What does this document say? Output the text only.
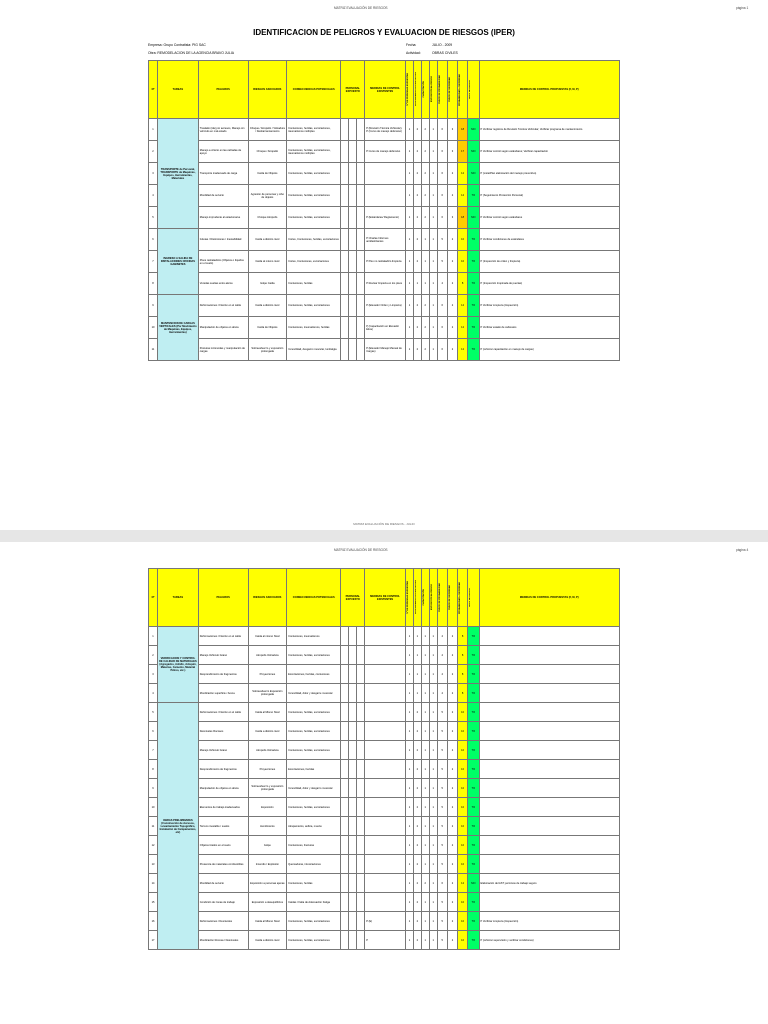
MATRIZ EVALUACIÓN DE RIESGOS	página 1
IDENTIFICACION DE PELIGROS Y EVALUACION DE RIESGOS (IPER)
Empresa: Grupo Contratista: PIG SAC	Fecha:	JULIO - 2009
Obra: REMODELACION DE LA AGENCIA BRAVO JULIA	Actividad:	OBRAS CIVILES
Nº	TAREAS	PELIGROS	RIESGOS ASOCIADOS	CONSECUENCIAS POTENCIALES	PERSONAL EXPUESTO			MEDIDAS DE CONTROL EXISTENTES	Nº DE PERSONAS EXPUESTAS	PROCEDIMIENTOS EXISTENTES	CAPACITACIÓN	EXPOSICIÓN AL RIESGO	ÍNDICE DE PROBABILIDAD	ÍNDICE DE SEVERIDAD	PROBABILIDAD x SEVERIDAD	NIVEL DE RIESGO	MEDIDAS DE CONTROL PROPUESTAS (F, M, P)
1	TRANSPORTE de Personal, TRANSPORTE de Maquinas, Equipos, Herramientas, Materiales	Traslado (ida) por accesos, Manejo sin vehículo en mal estado	Choque / Atropello / Volcadura / Desbarrancamiento	Contusiones, heridas, excoriaciones, traumatismos múltiples				P (Revisión Técnica Vehicular), P (Curso de manejo defensivo)	1	2	2	1	6	3	18	MO	P Verificar registros de Revisión Técnica Vehicular; Verificar programa de mantenimiento
2		Manejo a criterio en las calzadas de apoyo	Choque / Atropello	Contusiones, heridas, excoriaciones, traumatismos múltiples				P Curso de manejo defensivo	1	2	2	1	6	3	17	MO	P Verificar control según estándares; Verificar capacitación
3		Transporte inadecuado de carga	Caída de Objetos	Contusiones, heridas, excoriaciones					1	2	2	1	6	2	12	MO	P (Lista/Plan elaboración del manejo preventivo)
4		Movilidad de servicio	Agresión de personas y robo de objetos	Contusiones, heridas, excoriaciones					1	2	2	1	6	2	12	TO	P (Seguimiento Protección Personal)
5		Manejo imprudente al estacionarse	Choque Atropello	Contusiones, heridas, excoriaciones				P (Estándares/ Reglamento)	1	2	2	1	6	3	18	MO	P Verificar control según estándares
6	INGRESO A SALIDA DE INSTALACIONES OFICINAS GABINETES	Grietas / Distorsiones / Inestabilidad	Caída a distinto nivel	Cortes, Contusiones, heridas, excoriaciones				P Charlas Informes antideslizantes	1	2	1	1	5	2	10	TO	P Verificar condiciones de estándares
7		Pisos resbaladizos (Objetos o líquidos en el suelo)	Caída al mismo nivel	Cortes, Contusiones, excoriaciones				P Piso no resbaladizo limpieza	1	2	1	1	5	2	10	TO	P (Inspección de orden y limpieza)
8		Veredas sueltas entre aleros	Golpe Caída	Contusiones, heridas				P Revisar limpieza en los pisos	1	1	1	1	4	2	8	TO	P (Inspección Inopinada de puertas)
9	MANTENCION DE CARGAS VERTICALES (Por Movimiento de Maquinas, Equipos, Herramientas)	Deformaciones / Flexión en el cable	Caída a distinto nivel	Contusiones, heridas, excoriaciones				P (Elevador Orden y Limpieza)	1	2	2	1	6	2	12	TO	P Verificar Limpieza (Inspección)
10		Manipulación de objetos en altura	Caída de Objetos	Contusiones, traumatismos, heridas				P (Capacitación en Elevador Ética)	1	2	2	1	6	2	12	TO	P Verificar estado de cabrestos
11		Posturas incómodas y manipulación de cargas	Sobreesfuerzo y exposición prolongada	Inmovilidad, desgarro muscular, lumbalgia				P (Elevador Manejo Manual de Cargas)	1	2	2	1	6	2	12	TO	P (reforzar capacitación en manejo de cargas)
MATRIZ EVALUACIÓN DE RIESGOS - JULIO
MATRIZ EVALUACIÓN DE RIESGOS	página 4
Nº	TAREAS	PELIGROS	RIESGOS ASOCIADOS	CONSECUENCIAS POTENCIALES	PERSONAL EXPUESTO			MEDIDAS DE CONTROL EXISTENTES	Nº DE PERSONAS EXPUESTAS	PROCEDIMIENTOS EXISTENTES	CAPACITACIÓN	EXPOSICIÓN AL RIESGO	ÍNDICE DE PROBABILIDAD	ÍNDICE DE SEVERIDAD	PROBABILIDAD x SEVERIDAD	NIVEL DE RIESGO	MEDIDAS DE CONTROL PROPUESTAS (F, M, P)
1	VERIFICACION Y CONTROL DE CALIDAD DE MATERIALES (Agregados, Asfalto, Adoquín, Materias, Cemento, Material Pétreo, etc.)	Deformaciones / Flexión en el cable	Caída al mismo Nivel	Contusiones, traumatismos					1	1	1	1	4	2	8	TO	
2		Manejo Vehículo liviano	Atropello Volcadura	Contusiones, heridas, excoriaciones					1	1	1	1	4	2	8	TO	
3		Desprendimiento de fragmentos	Proyecciones	Excoriaciones, heridas, contusiones					1	1	1	1	4	2	8	TO	
4		Movilización superficie / Arena	Sobreesfuerzo Exposición prolongada	Inmovilidad, dolor y desgarre muscular					1	1	1	1	4	2	8	TO	
5	OBRAS PRELIMINARES (Construcción de Accesos, Levantamiento Topográfico, Instalación de Campamentos, etc)	Deformaciones / Flexión en el cable	Caída al Mismo Nivel	Contusiones, heridas, excoriaciones					1	2	1	1	5	2	10	TO	
6		Desniveles Rocosos	Caída a distinto nivel	Contusiones, heridas, excoriaciones					1	2	1	1	5	2	10	TO	
7		Manejo Vehículo liviano	Atropello Volcadura	Contusiones, heridas, excoriaciones					1	2	1	1	5	2	10	TO	
8		Desprendimiento de fragmentos	Proyecciones	Excoriaciones, heridas					1	2	1	1	5	2	10	TO	
9		Manipulación de objetos en altura	Sobreesfuerzo y exposición prolongada	Inmovilidad, dolor y desgarro muscular					1	2	1	1	5	2	10	TO	
10		Elementos de trabajo inadecuados	Exposición	Contusiones, heridas, excoriaciones					1	2	1	1	5	2	10	TO	
11		Terreno inestable / suelos	Hundimiento	Atrapamiento, asfixia, muerte					1	2	1	1	5	2	10	TO	
12		Objetos tirados en el suelo	Golpe	Contusiones, fracturas					1	2	1	1	5	2	10	TO	
13		Presencia de materiales combustibles	Incendio / Explosión	Quemaduras, intoxicaciones					1	2	1	1	5	2	10	TO	
14		Movilidad de servicio	Exposición a personas ajenas	Contusiones, heridas					1	2	2	1	6	2	12	MO	Elaboración del AST; permisos de trabajo seguro
15		Condición de zonas de trabajo	Exposición a desequilibrios	Caídas / Falta de Adecuación Fatiga					1	2	1	1	5	2	10	TO	
16		Deformaciones / Desniveles	Caída al Mismo Nivel	Contusiones, heridas, excoriaciones				P (E)	1	2	1	1	5	2	10	TO	P Verificar Limpieza (Inspección)
17		Movilización Rocosa / Desniveles	Caída a distinto nivel	Contusiones, heridas, excoriaciones				P	1	2	1	1	5	2	10	TO	P (reforzar supervisión y verificar condiciones)
